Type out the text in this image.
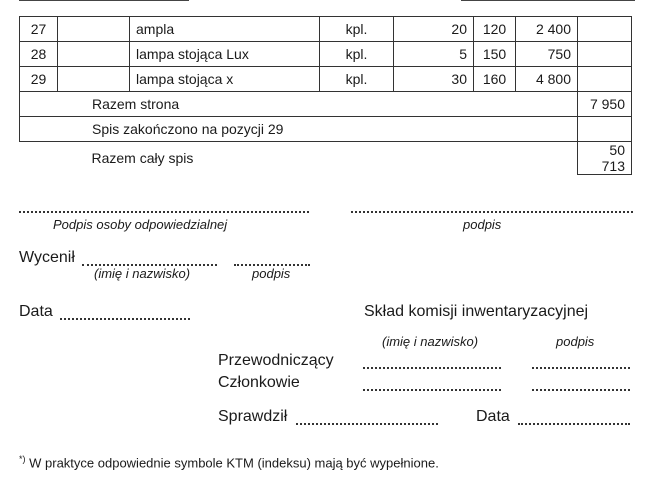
27		ampla	kpl.	20	120	2 400		
28		lampa stojąca Lux	kpl.	5	150	750		
29		lampa stojąca x	kpl.	30	160	4 800		
Razem strona							7 950	
Spis zakończono na pozycji 29								
Razem cały spis							50 713	
Podpis osoby odpowiedzialnej	podpis
Wycenił
(imię i nazwisko)	podpis
Data	Skład komisji inwentaryzacyjnej
(imię i nazwisko)	podpis
Przewodniczący
Członkowie
Sprawdził	Data
*) W praktyce odpowiednie symbole KTM (indeksu) mają być wypełnione.
